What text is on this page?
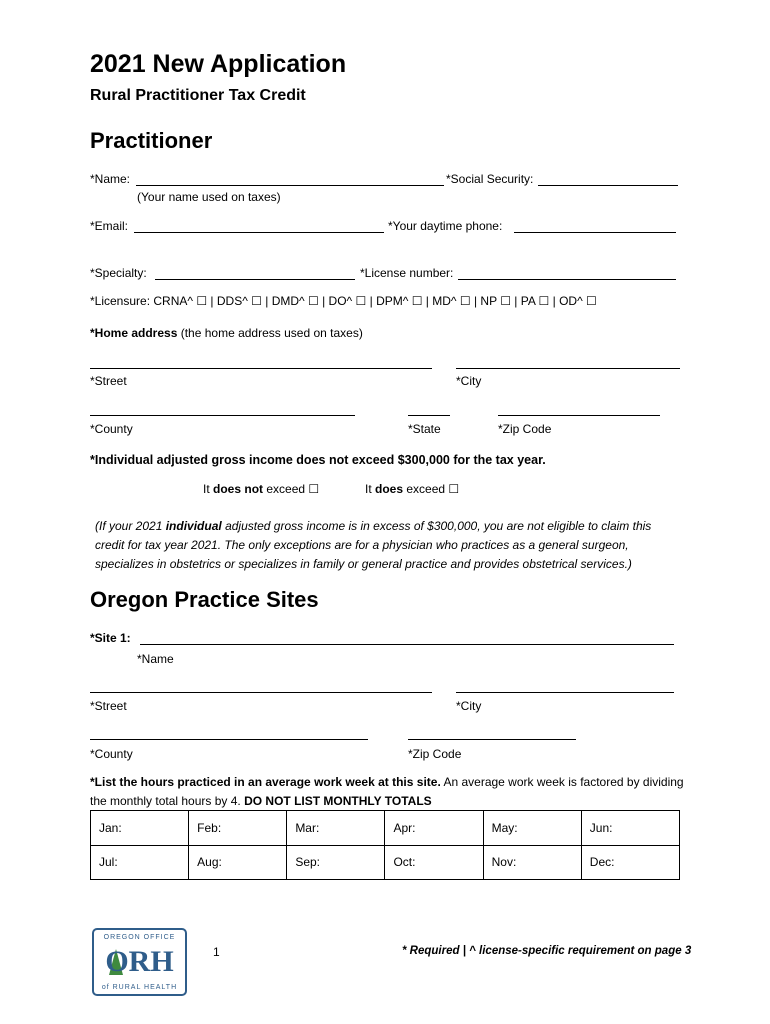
2021 New Application
Rural Practitioner Tax Credit
Practitioner
*Name:	*Social Security:
(Your name used on taxes)
*Email:	*Your daytime phone:
*Specialty:	*License number:
*Licensure: CRNA^ ☐ | DDS^ ☐ | DMD^ ☐ | DO^ ☐ | DPM^ ☐ | MD^ ☐ | NP ☐ | PA ☐ | OD^ ☐
*Home address (the home address used on taxes)
*Street	*City
*County	*State	*Zip Code
*Individual adjusted gross income does not exceed $300,000 for the tax year.
It does not exceed ☐	It does exceed ☐
(If your 2021 individual adjusted gross income is in excess of $300,000, you are not eligible to claim this
credit for tax year 2021. The only exceptions are for a physician who practices as a general surgeon,
specializes in obstetrics or specializes in family or general practice and provides obstetrical services.)
Oregon Practice Sites
*Site 1:
*Name
*Street	*City
*County	*Zip Code
*List the hours practiced in an average work week at this site. An average work week is factored by dividing
the monthly total hours by 4. DO NOT LIST MONTHLY TOTALS
Jan:	Feb:	Mar:	Apr:	May:	Jun:
Jul:	Aug:	Sep:	Oct:	Nov:	Dec:
OREGON OFFICE
ORH
of RURAL HEALTH
1	* Required | ^ license-specific requirement on page 3
